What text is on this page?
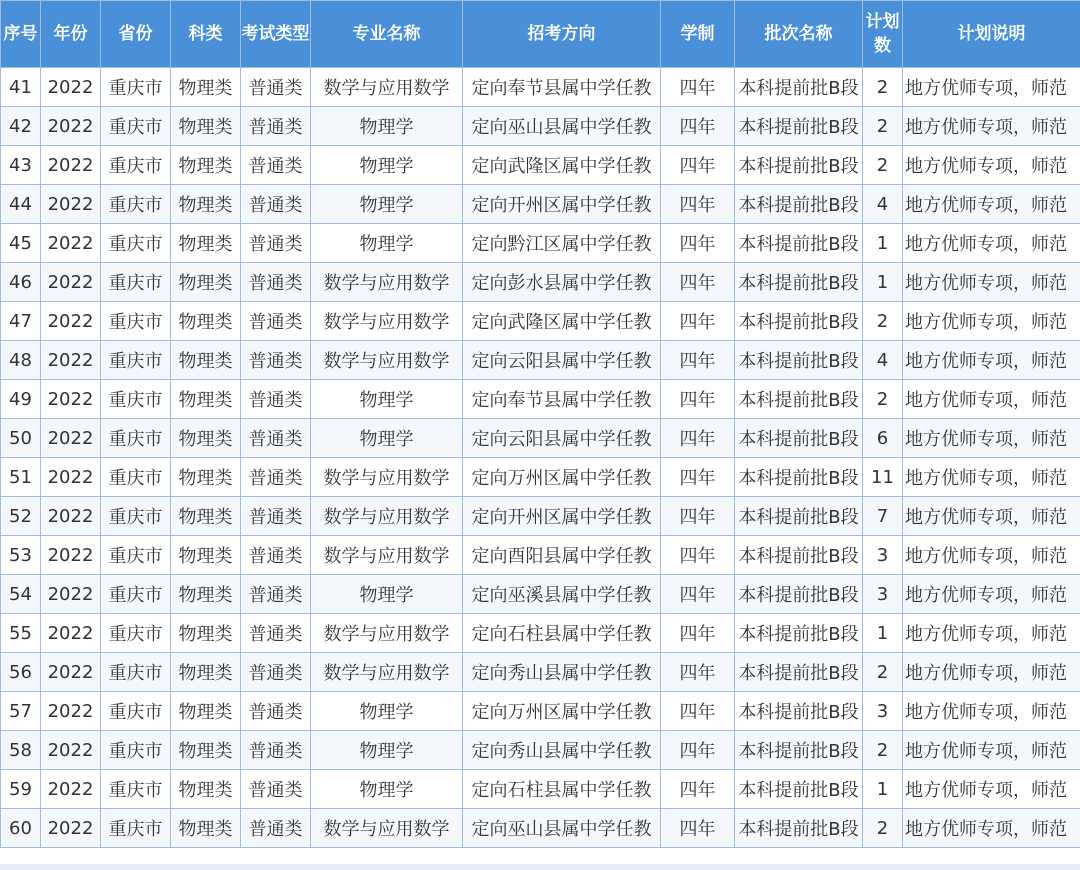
序号	年份	省份	科类	考试类型	专业名称	招考方向	学制	批次名称	计划数	计划说明
41	2022	重庆市	物理类	普通类	数学与应用数学	定向奉节县属中学任教	四年	本科提前批B段	2	地方优师专项，师范
42	2022	重庆市	物理类	普通类	物理学	定向巫山县属中学任教	四年	本科提前批B段	2	地方优师专项，师范
43	2022	重庆市	物理类	普通类	物理学	定向武隆区属中学任教	四年	本科提前批B段	2	地方优师专项，师范
44	2022	重庆市	物理类	普通类	物理学	定向开州区属中学任教	四年	本科提前批B段	4	地方优师专项，师范
45	2022	重庆市	物理类	普通类	物理学	定向黔江区属中学任教	四年	本科提前批B段	1	地方优师专项，师范
46	2022	重庆市	物理类	普通类	数学与应用数学	定向彭水县属中学任教	四年	本科提前批B段	1	地方优师专项，师范
47	2022	重庆市	物理类	普通类	数学与应用数学	定向武隆区属中学任教	四年	本科提前批B段	2	地方优师专项，师范
48	2022	重庆市	物理类	普通类	数学与应用数学	定向云阳县属中学任教	四年	本科提前批B段	4	地方优师专项，师范
49	2022	重庆市	物理类	普通类	物理学	定向奉节县属中学任教	四年	本科提前批B段	2	地方优师专项，师范
50	2022	重庆市	物理类	普通类	物理学	定向云阳县属中学任教	四年	本科提前批B段	6	地方优师专项，师范
51	2022	重庆市	物理类	普通类	数学与应用数学	定向万州区属中学任教	四年	本科提前批B段	11	地方优师专项，师范
52	2022	重庆市	物理类	普通类	数学与应用数学	定向开州区属中学任教	四年	本科提前批B段	7	地方优师专项，师范
53	2022	重庆市	物理类	普通类	数学与应用数学	定向酉阳县属中学任教	四年	本科提前批B段	3	地方优师专项，师范
54	2022	重庆市	物理类	普通类	物理学	定向巫溪县属中学任教	四年	本科提前批B段	3	地方优师专项，师范
55	2022	重庆市	物理类	普通类	数学与应用数学	定向石柱县属中学任教	四年	本科提前批B段	1	地方优师专项，师范
56	2022	重庆市	物理类	普通类	数学与应用数学	定向秀山县属中学任教	四年	本科提前批B段	2	地方优师专项，师范
57	2022	重庆市	物理类	普通类	物理学	定向万州区属中学任教	四年	本科提前批B段	3	地方优师专项，师范
58	2022	重庆市	物理类	普通类	物理学	定向秀山县属中学任教	四年	本科提前批B段	2	地方优师专项，师范
59	2022	重庆市	物理类	普通类	物理学	定向石柱县属中学任教	四年	本科提前批B段	1	地方优师专项，师范
60	2022	重庆市	物理类	普通类	数学与应用数学	定向巫山县属中学任教	四年	本科提前批B段	2	地方优师专项，师范
